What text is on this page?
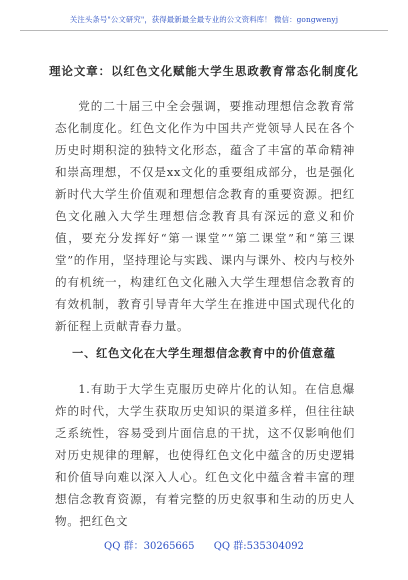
关注头条号"公文研究"，获得最新最全最专业的公文资料库！ 微信：gongwenyj
理论文章：以红色文化赋能大学生思政教育常态化制度化
党的二十届三中全会强调，要推动理想信念教育常态化制度化。红色文化作为中国共产党领导人民在各个历史时期积淀的独特文化形态，蕴含了丰富的革命精神和崇高理想，不仅是xx文化的重要组成部分，也是强化新时代大学生价值观和理想信念教育的重要资源。把红色文化融入大学生理想信念教育具有深远的意义和价值，要充分发挥好“第一课堂”“第二课堂”和“第三课堂”的作用，坚持理论与实践、课内与课外、校内与校外的有机统一，构建红色文化融入大学生理想信念教育的有效机制，教育引导青年大学生在推进中国式现代化的新征程上贡献青春力量。
一、红色文化在大学生理想信念教育中的价值意蕴
1.有助于大学生克服历史碎片化的认知。在信息爆炸的时代，大学生获取历史知识的渠道多样，但往往缺乏系统性，容易受到片面信息的干扰，这不仅影响他们对历史规律的理解，也使得红色文化中蕴含的历史逻辑和价值导向难以深入人心。红色文化中蕴含着丰富的理想信念教育资源，有着完整的历史叙事和生动的历史人物。把红色文
QQ 群：30265665 QQ 群:535304092
